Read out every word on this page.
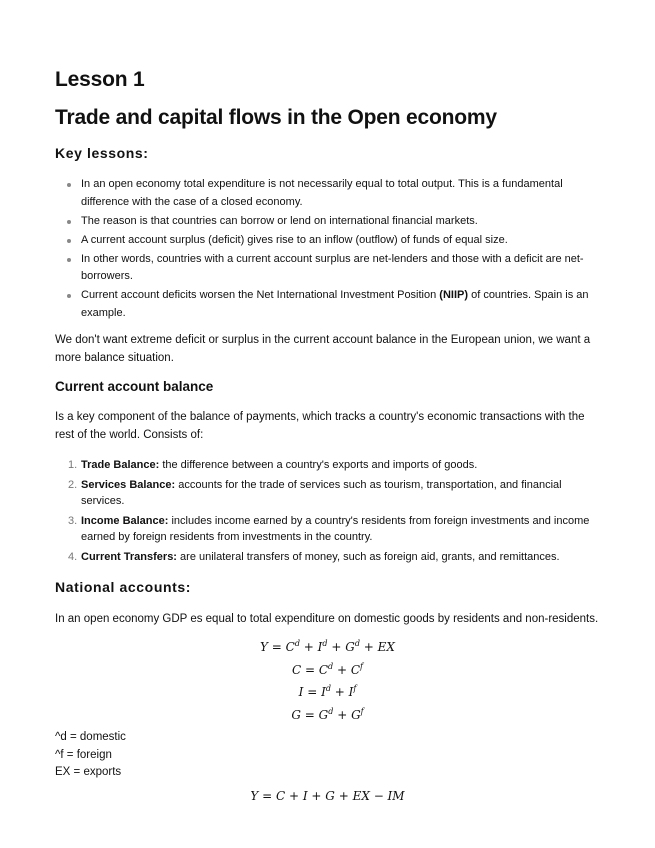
Lesson 1
Trade and capital flows in the Open economy
Key lessons:
In an open economy total expenditure is not necessarily equal to total output. This is a fundamental difference with the case of a closed economy.
The reason is that countries can borrow or lend on international financial markets.
A current account surplus (deficit) gives rise to an inflow (outflow) of funds of equal size.
In other words, countries with a current account surplus are net-lenders and those with a deficit are net-borrowers.
Current account deficits worsen the Net International Investment Position (NIIP) of countries. Spain is an example.
We don't want extreme deficit or surplus in the current account balance in the European union, we want a more balance situation.
Current account balance
Is a key component of the balance of payments, which tracks a country's economic transactions with the rest of the world. Consists of:
1. Trade Balance: the difference between a country's exports and imports of goods.
2. Services Balance: accounts for the trade of services such as tourism, transportation, and financial services.
3. Income Balance: includes income earned by a country's residents from foreign investments and income earned by foreign residents from investments in the country.
4. Current Transfers: are unilateral transfers of money, such as foreign aid, grants, and remittances.
National accounts:
In an open economy GDP es equal to total expenditure on domestic goods by residents and non-residents.
$Y = C^d + I^d + G^d$ + EX
$C = C^d + C^f$
$I = I^d + I^f$
$G = G^d + G^f$
^d = domestic
^f = foreign
EX = exports
Y = C + I + G + EX − IM
